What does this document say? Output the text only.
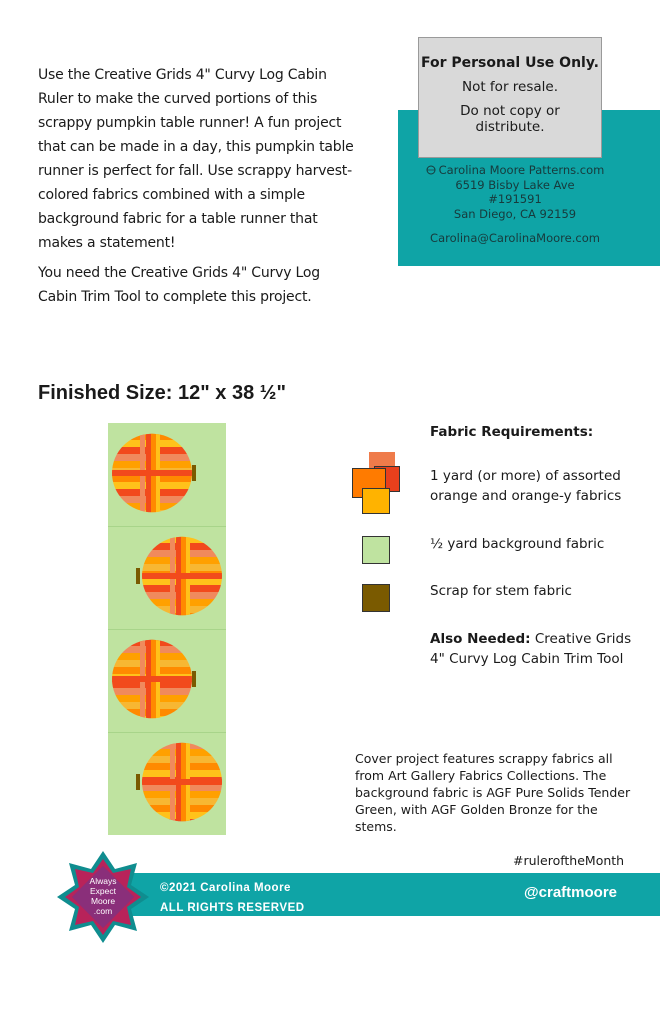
Use the Creative Grids 4" Curvy Log Cabin Ruler to make the curved portions of this scrappy pumpkin table runner! A fun project that can be made in a day, this pumpkin table runner is perfect for fall. Use scrappy harvest-colored fabrics combined with a simple background fabric for a table runner that makes a statement!

You need the Creative Grids 4" Curvy Log Cabin Trim Tool to complete this project.

For Personal Use Only.
Not for resale.
Do not copy or distribute.
Carolina Moore Patterns.com
6519 Bisby Lake Ave
#191591
San Diego, CA 92159
Carolina@CarolinaMoore.com
Finished Size: 12" x 38 ½"
Fabric Requirements:
1 yard (or more) of assorted orange and orange-y fabrics
½ yard background fabric
Scrap for stem fabric
Also Needed: Creative Grids 4" Curvy Log Cabin Trim Tool
Cover project features scrappy fabrics all from Art Gallery Fabrics Collections. The background fabric is AGF Pure Solids Tender Green, with AGF Golden Bronze for the stems.
#ruleroftheMonth
©2021 Carolina Moore
ALL RIGHTS RESERVED
@craftmoore
Always
Expect
Moore
.com
